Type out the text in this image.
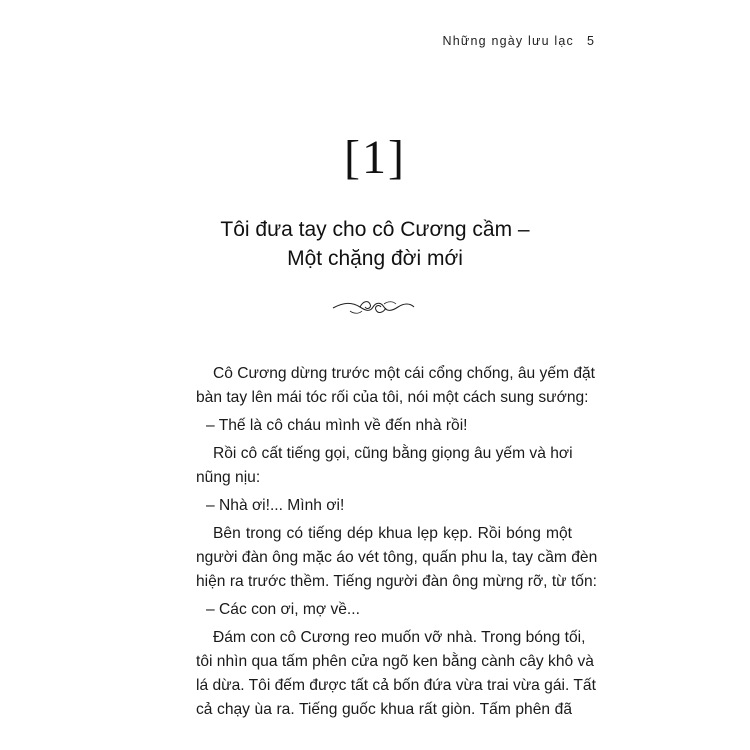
Những ngày lưu lạc 5
[1]
Tôi đưa tay cho cô Cương cầm –
Một chặng đời mới
Cô Cương dừng trước một cái cổng chống, âu yếm đặt
bàn tay lên mái tóc rối của tôi, nói một cách sung sướng:
– Thế là cô cháu mình về đến nhà rồi!
Rồi cô cất tiếng gọi, cũng bằng giọng âu yếm và hơi
nũng nịu:
– Nhà ơi!... Mình ơi!
Bên trong có tiếng dép khua lẹp kẹp. Rồi bóng một
người đàn ông mặc áo vét tông, quấn phu la, tay cầm đèn
hiện ra trước thềm. Tiếng người đàn ông mừng rỡ, từ tốn:
– Các con ơi, mợ về...
Đám con cô Cương reo muốn vỡ nhà. Trong bóng tối,
tôi nhìn qua tấm phên cửa ngõ ken bằng cành cây khô và
lá dừa. Tôi đếm được tất cả bốn đứa vừa trai vừa gái. Tất
cả chạy ùa ra. Tiếng guốc khua rất giòn. Tấm phên đã
